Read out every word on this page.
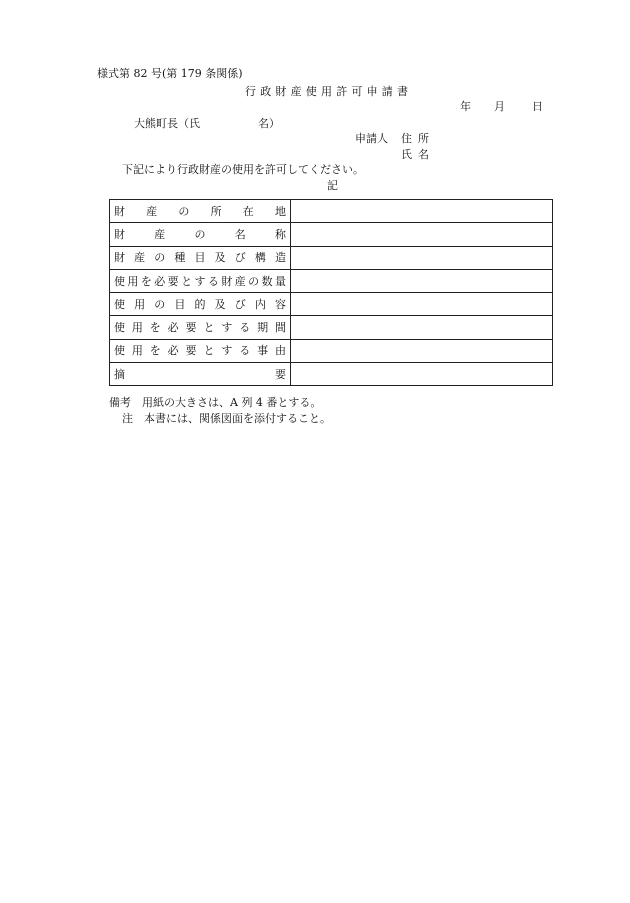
様式第 82 号(第 179 条関係)
行政財産使用許可申請書
年 月 日
大熊町長（氏	名）
申請人 住所
氏名
下記により行政財産の使用を許可してください。
記
財産の所在地	

財産の名称	

財産の種目及び構造	

使用を必要とする財産の数量	

使用の目的及び内容	

使用を必要とする期間	

使用を必要とする事由	

摘要	

備考　用紙の大きさは、A 列 4 番とする。
注　本書には、関係図面を添付すること。
